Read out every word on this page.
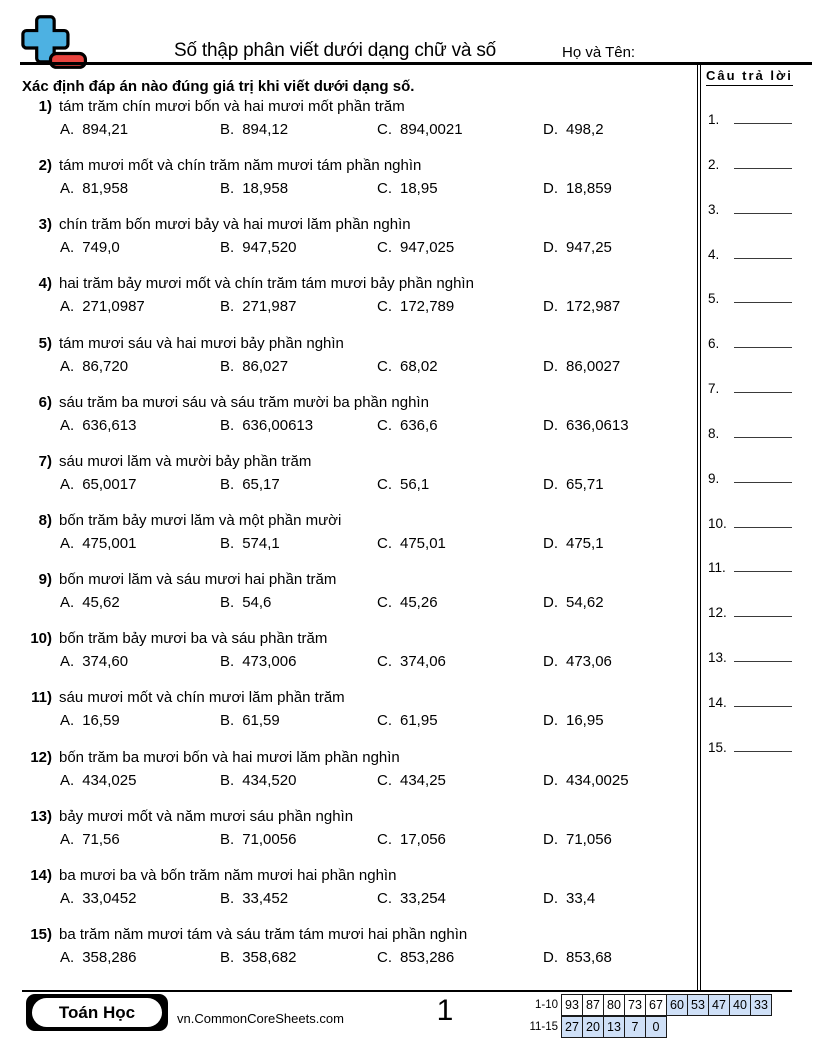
Số thập phân viết dưới dạng chữ và số	Họ và Tên:
Xác định đáp án nào đúng giá trị khi viết dưới dạng số.
1) tám trăm chín mươi bốn và hai mươi mốt phần trăm
A. 894,21	B. 894,12	C. 894,0021	D. 498,2
2) tám mươi mốt và chín trăm năm mươi tám phần nghìn
A. 81,958	B. 18,958	C. 18,95	D. 18,859
3) chín trăm bốn mươi bảy và hai mươi lăm phần nghìn
A. 749,0	B. 947,520	C. 947,025	D. 947,25
4) hai trăm bảy mươi mốt và chín trăm tám mươi bảy phần nghìn
A. 271,0987	B. 271,987	C. 172,789	D. 172,987
5) tám mươi sáu và hai mươi bảy phần nghìn
A. 86,720	B. 86,027	C. 68,02	D. 86,0027
6) sáu trăm ba mươi sáu và sáu trăm mười ba phần nghìn
A. 636,613	B. 636,00613	C. 636,6	D. 636,0613
7) sáu mươi lăm và mười bảy phần trăm
A. 65,0017	B. 65,17	C. 56,1	D. 65,71
8) bốn trăm bảy mươi lăm và một phần mười
A. 475,001	B. 574,1	C. 475,01	D. 475,1
9) bốn mươi lăm và sáu mươi hai phần trăm
A. 45,62	B. 54,6	C. 45,26	D. 54,62
10) bốn trăm bảy mươi ba và sáu phần trăm
A. 374,60	B. 473,006	C. 374,06	D. 473,06
11) sáu mươi mốt và chín mươi lăm phần trăm
A. 16,59	B. 61,59	C. 61,95	D. 16,95
12) bốn trăm ba mươi bốn và hai mươi lăm phần nghìn
A. 434,025	B. 434,520	C. 434,25	D. 434,0025
13) bảy mươi mốt và năm mươi sáu phần nghìn
A. 71,56	B. 71,0056	C. 17,056	D. 71,056
14) ba mươi ba và bốn trăm năm mươi hai phần nghìn
A. 33,0452	B. 33,452	C. 33,254	D. 33,4
15) ba trăm năm mươi tám và sáu trăm tám mươi hai phần nghìn
A. 358,286	B. 358,682	C. 853,286	D. 853,68
Câu trả lời
1.
2.
3.
4.
5.
6.
7.
8.
9.
10.
11.
12.
13.
14.
15.
Toán Học	vn.CommonCoreSheets.com	1	1-10 93 87 80 73 67 60 53 47 40 33
11-15 27 20 13 7	0
